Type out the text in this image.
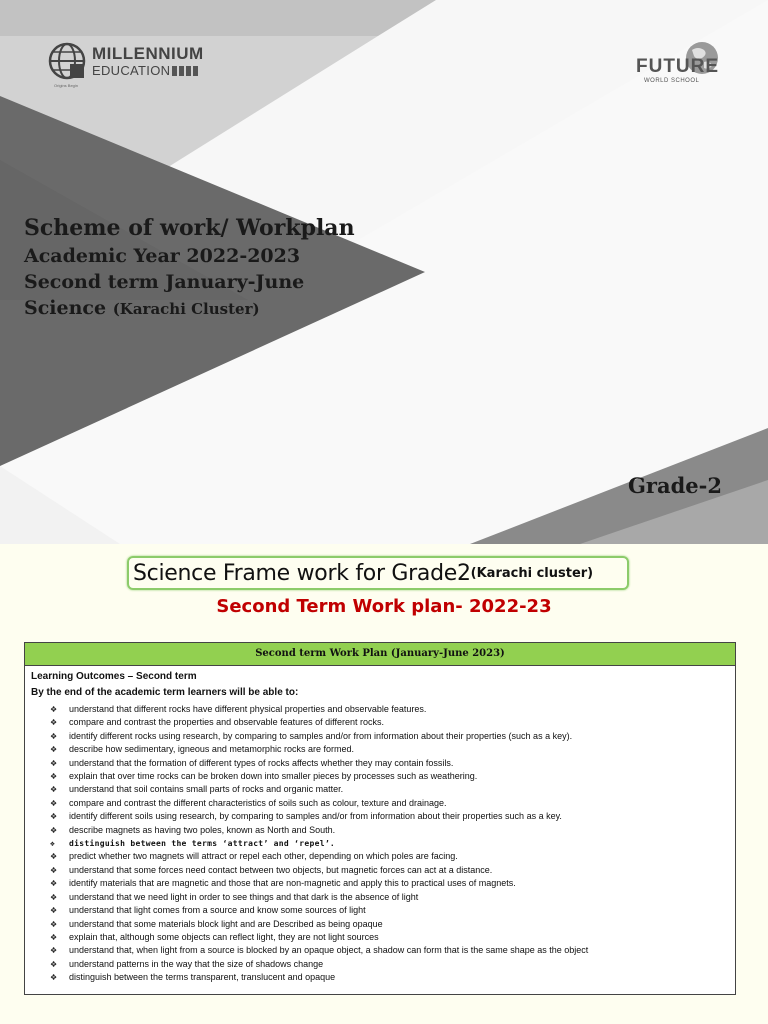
MILLENNIUM
EDUCATION
Origins Begin
FUTURE
WORLD SCHOOL
Scheme of work/ Workplan
Academic Year 2022-2023
Second term January-June
Science (Karachi Cluster)
Grade-2
Science Frame work for Grade2 (Karachi cluster)
Second Term Work plan- 2022-23
Second term Work Plan (January-June 2023)
Learning Outcomes – Second term
By the end of the academic term learners will be able to:
❖ understand that different rocks have different physical properties and observable features.
❖ compare and contrast the properties and observable features of different rocks.
❖ identify different rocks using research, by comparing to samples and/or from information about their properties (such as a key).
❖ describe how sedimentary, igneous and metamorphic rocks are formed.
❖ understand that the formation of different types of rocks affects whether they may contain fossils.
❖ explain that over time rocks can be broken down into smaller pieces by processes such as weathering.
❖ understand that soil contains small parts of rocks and organic matter.
❖ compare and contrast the different characteristics of soils such as colour, texture and drainage.
❖ identify different soils using research, by comparing to samples and/or from information about their properties such as a key.
❖ describe magnets as having two poles, known as North and South.
❖ distinguish between the terms ‘attract’ and ‘repel’.
❖ predict whether two magnets will attract or repel each other, depending on which poles are facing.
❖ understand that some forces need contact between two objects, but magnetic forces can act at a distance.
❖ identify materials that are magnetic and those that are non-magnetic and apply this to practical uses of magnets.
❖ understand that we need light in order to see things and that dark is the absence of light
❖ understand that light comes from a source and know some sources of light
❖ understand that some materials block light and are Described as being opaque
❖ explain that, although some objects can reflect light, they are not light sources
❖ understand that, when light from a source is blocked by an opaque object, a shadow can form that is the same shape as the object
❖ understand patterns in the way that the size of shadows change
❖ distinguish between the terms transparent, translucent and opaque
